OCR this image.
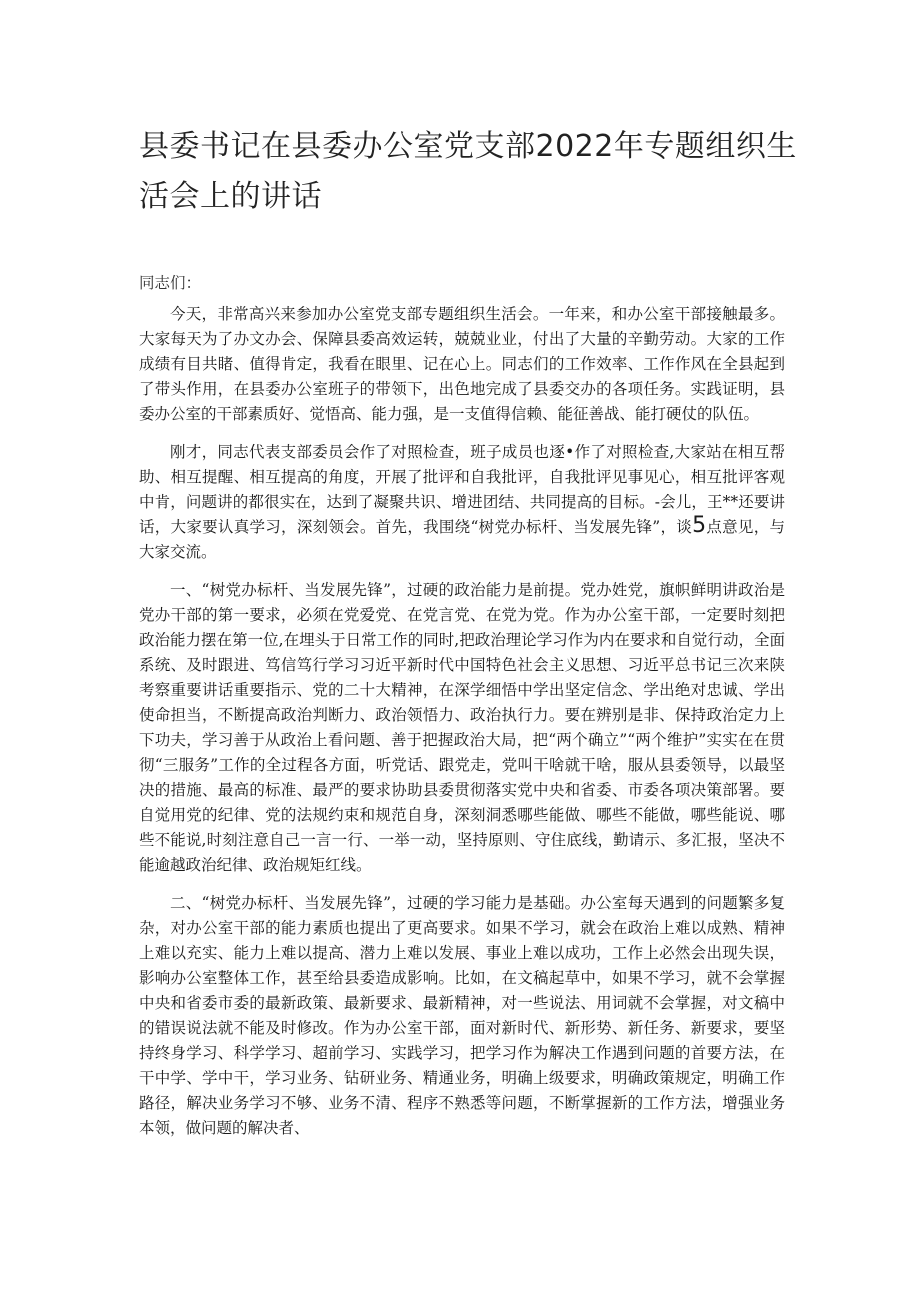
县委书记在县委办公室党支部2022年专题组织生活会上的讲话
同志们：

今天，非常高兴来参加办公室党支部专题组织生活会。一年来，和办公室干部接触最多。大家每天为了办文办会、保障县委高效运转，兢兢业业，付出了大量的辛勤劳动。大家的工作成绩有目共睹、值得肯定，我看在眼里、记在心上。同志们的工作效率、工作作风在全县起到了带头作用，在县委办公室班子的带领下，出色地完成了县委交办的各项任务。实践证明，县委办公室的干部素质好、觉悟高、能力强，是一支值得信赖、能征善战、能打硬仗的队伍。

刚才，同志代表支部委员会作了对照检查，班子成员也逐•作了对照检查,大家站在相互帮助、相互提醒、相互提高的角度，开展了批评和自我批评，自我批评见事见心，相互批评客观中肯，问题讲的都很实在，达到了凝聚共识、增进团结、共同提高的目标。-会儿，王**还要讲话，大家要认真学习，深刻领会。首先，我围绕“树党办标杆、当发展先锋”，谈5点意见，与大家交流。

一、“树党办标杆、当发展先锋”，过硬的政治能力是前提。党办姓党，旗帜鲜明讲政治是党办干部的第一要求，必须在党爱党、在党言党、在党为党。作为办公室干部，一定要时刻把政治能力摆在第一位,在埋头于日常工作的同时,把政治理论学习作为内在要求和自觉行动，全面系统、及时跟进、笃信笃行学习习近平新时代中国特色社会主义思想、习近平总书记三次来陕考察重要讲话重要指示、党的二十大精神，在深学细悟中学出坚定信念、学出绝对忠诚、学出使命担当，不断提高政治判断力、政治领悟力、政治执行力。要在辨别是非、保持政治定力上下功夫，学习善于从政治上看问题、善于把握政治大局，把“两个确立”“两个维护”实实在在贯彻“三服务”工作的全过程各方面，听党话、跟党走，党叫干啥就干啥，服从县委领导，以最坚决的措施、最高的标准、最严的要求协助县委贯彻落实党中央和省委、市委各项决策部署。要自觉用党的纪律、党的法规约束和规范自身，深刻洞悉哪些能做、哪些不能做，哪些能说、哪些不能说,时刻注意自己一言一行、一举一动，坚持原则、守住底线，勤请示、多汇报，坚决不能逾越政治纪律、政治规矩红线。

二、“树党办标杆、当发展先锋”，过硬的学习能力是基础。办公室每天遇到的问题繁多复杂，对办公室干部的能力素质也提出了更高要求。如果不学习，就会在政治上难以成熟、精神上难以充实、能力上难以提高、潜力上难以发展、事业上难以成功，工作上必然会出现失误，影响办公室整体工作，甚至给县委造成影响。比如，在文稿起草中，如果不学习，就不会掌握中央和省委市委的最新政策、最新要求、最新精神，对一些说法、用词就不会掌握，对文稿中的错误说法就不能及时修改。作为办公室干部，面对新时代、新形势、新任务、新要求，要坚持终身学习、科学学习、超前学习、实践学习，把学习作为解决工作遇到问题的首要方法，在干中学、学中干，学习业务、钻研业务、精通业务，明确上级要求，明确政策规定，明确工作路径，解决业务学习不够、业务不清、程序不熟悉等问题，不断掌握新的工作方法，增强业务本领，做问题的解决者、
